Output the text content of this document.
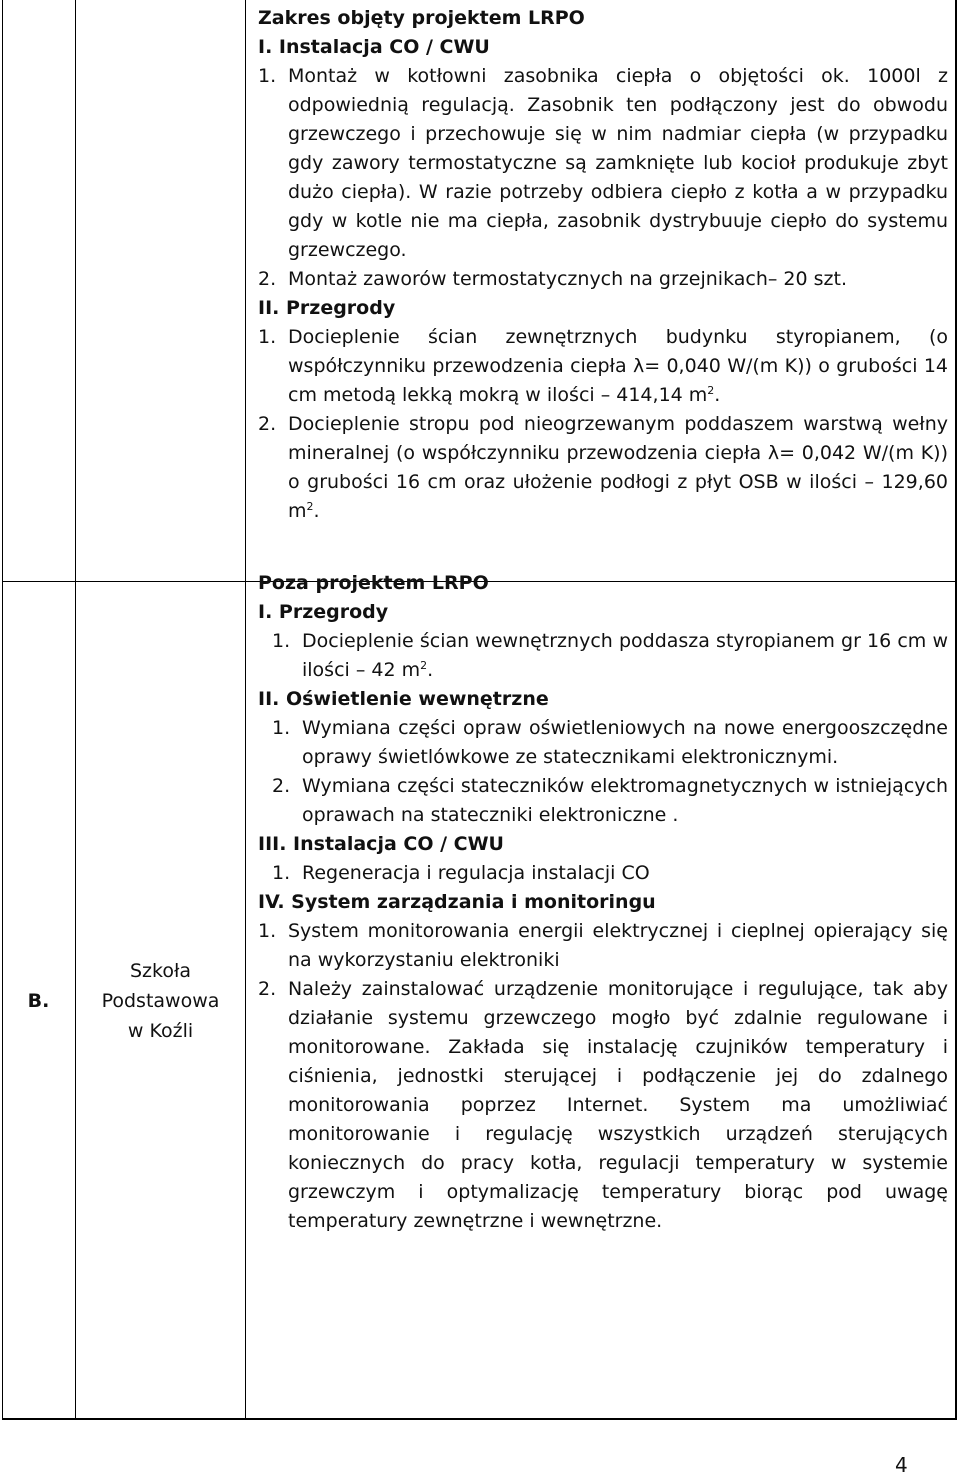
B.
Szkoła
Podstawowa
w Koźli
Zakres objęty projektem LRPO
I. Instalacja CO / CWU
1. Montaż w kotłowni zasobnika ciepła o objętości ok. 1000l z odpowiednią regulacją. Zasobnik ten podłączony jest do obwodu grzewczego i przechowuje się w nim nadmiar ciepła (w przypadku gdy zawory termostatyczne są zamknięte lub kocioł produkuje zbyt dużo ciepła). W razie potrzeby odbiera ciepło z kotła a w przypadku gdy w kotle nie ma ciepła, zasobnik dystrybuuje ciepło do systemu grzewczego.
2. Montaż zaworów termostatycznych na grzejnikach– 20 szt.
II. Przegrody
1. Docieplenie ścian zewnętrznych budynku styropianem, (o współczynniku przewodzenia ciepła λ= 0,040 W/(m K)) o grubości 14 cm metodą lekką mokrą w ilości – 414,14 $m^2$.
2. Docieplenie stropu pod nieogrzewanym poddaszem warstwą wełny mineralnej (o współczynniku przewodzenia ciepła λ= 0,042 W/(m K)) o grubości 16 cm oraz ułożenie podłogi z płyt OSB w ilości – 129,60 $m^2$.
Poza projektem LRPO
I. Przegrody
1. Docieplenie ścian wewnętrznych poddasza styropianem gr 16 cm w ilości – 42 $m^2$.
II. Oświetlenie wewnętrzne
1. Wymiana części opraw oświetleniowych na nowe energooszczędne oprawy świetlówkowe ze statecznikami elektronicznymi.
2. Wymiana części stateczników elektromagnetycznych w istniejących oprawach na stateczniki elektroniczne .
III. Instalacja CO / CWU
1. Regeneracja i regulacja instalacji CO
IV. System zarządzania i monitoringu
1. System monitorowania energii elektrycznej i cieplnej opierający się na wykorzystaniu elektroniki
2. Należy zainstalować urządzenie monitorujące i regulujące, tak aby działanie systemu grzewczego mogło być zdalnie regulowane i monitorowane. Zakłada się instalację czujników temperatury i ciśnienia, jednostki sterującej i podłączenie jej do zdalnego monitorowania poprzez Internet. System ma umożliwiać monitorowanie i regulację wszystkich urządzeń sterujących koniecznych do pracy kotła, regulacji temperatury w systemie grzewczym i optymalizację temperatury biorąc pod uwagę temperatury zewnętrzne i wewnętrzne.
4
